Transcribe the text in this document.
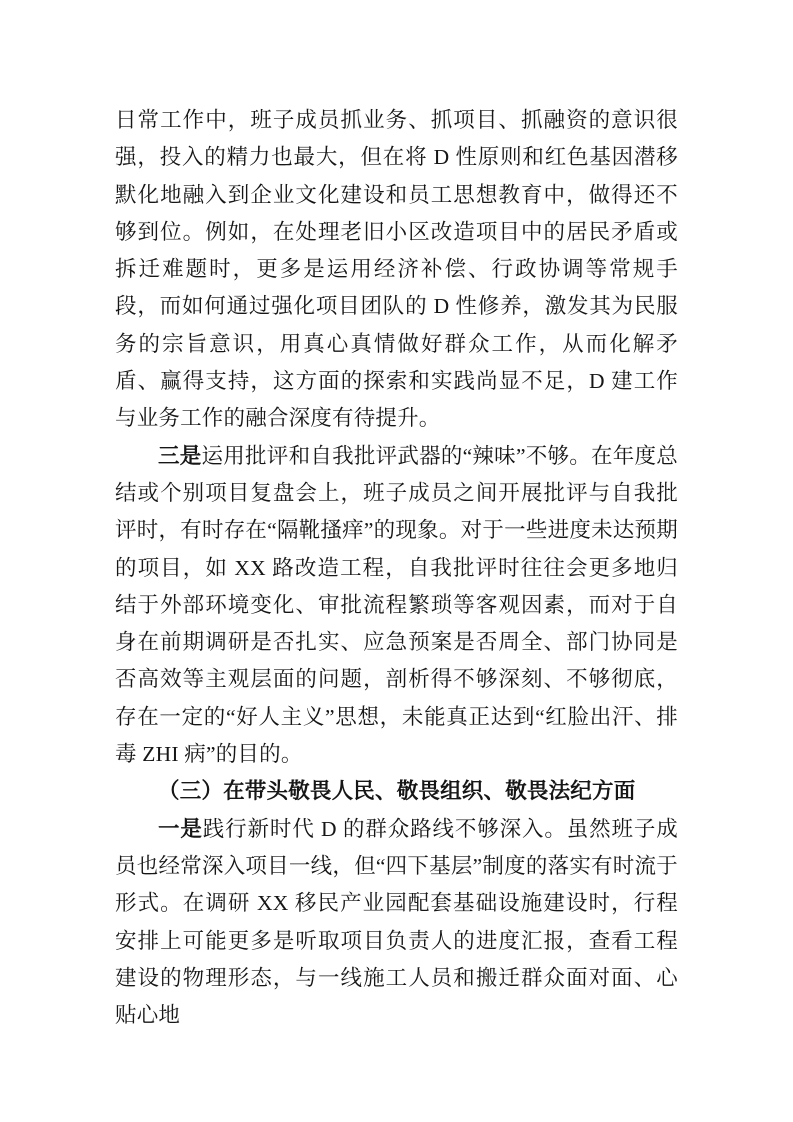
日常工作中，班子成员抓业务、抓项目、抓融资的意识很强，投入的精力也最大，但在将 D 性原则和红色基因潜移默化地融入到企业文化建设和员工思想教育中，做得还不够到位。例如，在处理老旧小区改造项目中的居民矛盾或拆迁难题时，更多是运用经济补偿、行政协调等常规手段，而如何通过强化项目团队的 D 性修养，激发其为民服务的宗旨意识，用真心真情做好群众工作，从而化解矛盾、赢得支持，这方面的探索和实践尚显不足，D 建工作与业务工作的融合深度有待提升。

三是运用批评和自我批评武器的“辣味”不够。在年度总结或个别项目复盘会上，班子成员之间开展批评与自我批评时，有时存在“隔靴搔痒”的现象。对于一些进度未达预期的项目，如 XX 路改造工程，自我批评时往往会更多地归结于外部环境变化、审批流程繁琐等客观因素，而对于自身在前期调研是否扎实、应急预案是否周全、部门协同是否高效等主观层面的问题，剖析得不够深刻、不够彻底，存在一定的“好人主义”思想，未能真正达到“红脸出汗、排毒 ZHI 病”的目的。

（三）在带头敬畏人民、敬畏组织、敬畏法纪方面

一是践行新时代 D 的群众路线不够深入。虽然班子成员也经常深入项目一线，但“四下基层”制度的落实有时流于形式。在调研 XX 移民产业园配套基础设施建设时，行程安排上可能更多是听取项目负责人的进度汇报，查看工程建设的物理形态，与一线施工人员和搬迁群众面对面、心贴心地
